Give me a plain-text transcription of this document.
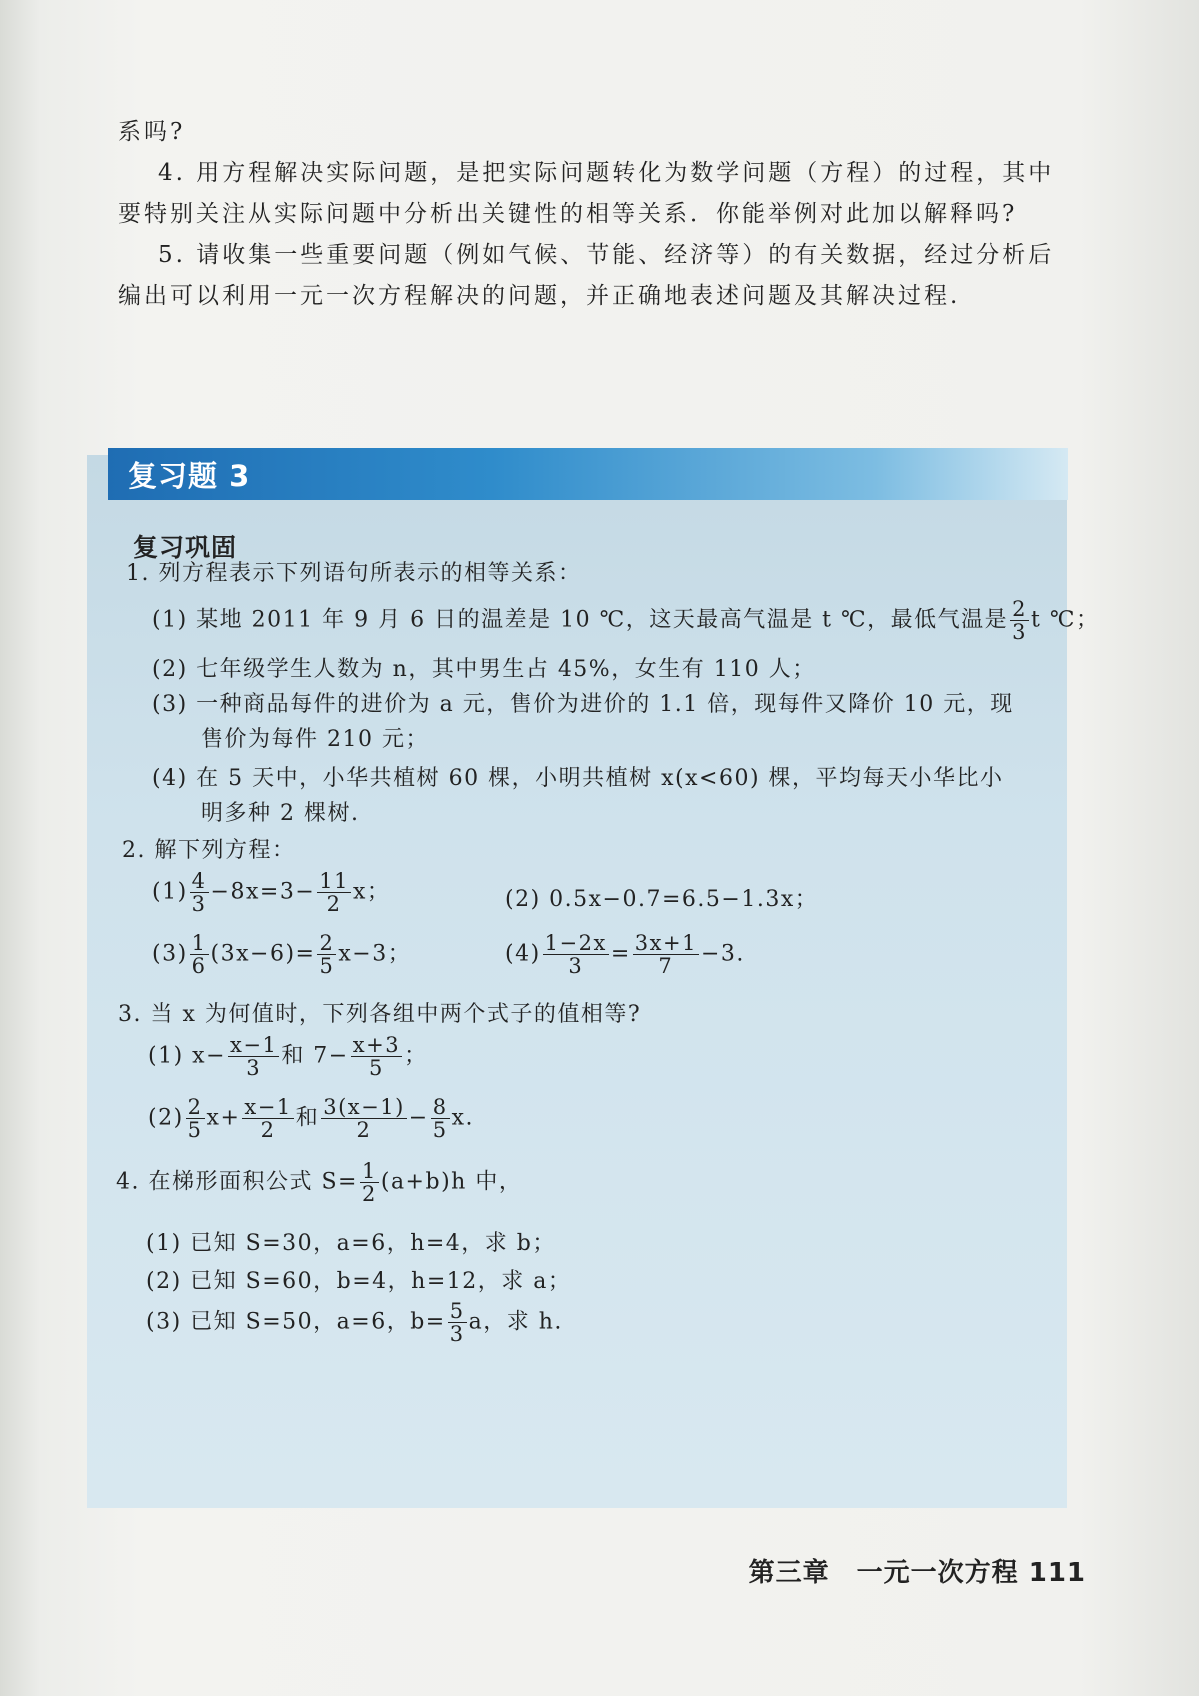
系吗?

4. 用方程解决实际问题，是把实际问题转化为数学问题（方程）的过程，其中要特别关注从实际问题中分析出关键性的相等关系．你能举例对此加以解释吗?

5. 请收集一些重要问题（例如气候、节能、经济等）的有关数据，经过分析后编出可以利用一元一次方程解决的问题，并正确地表述问题及其解决过程.

复习题 3
复习巩固
1. 列方程表示下列语句所表示的相等关系：
(1) 某地 2011 年 9 月 6 日的温差是 10 ℃，这天最高气温是 t ℃，最低气温是 $\frac{2}{3}$ t ℃；
(2) 七年级学生人数为 n，其中男生占 45%，女生有 110 人；
(3) 一种商品每件的进价为 a 元，售价为进价的 1.1 倍，现每件又降价 10 元，现
售价为每件 210 元；
(4) 在 5 天中，小华共植树 60 棵，小明共植树 x(x<60) 棵，平均每天小华比小
明多种 2 棵树.
2. 解下列方程：
$(1) \frac{4}{3} -8x=3- \frac{11}{2}$ x；	(2) 0.5x−0.7=6.5−1.3x；
$(3) \frac{1}{6} (3x-6)= \frac{2}{5} x-3$；	$(4) \frac{1-2x}{3} = \frac{3x+1}{7} -3$.
3. 当 x 为何值时，下列各组中两个式子的值相等?
(1) $x- \frac{x-1}{3}$ 和 $7- \frac{x+3}{5}$ ；
$(2) \frac{2}{5} x+ \frac{x-1}{2}$ 和 $\frac{3(x-1)}{2} - \frac{8}{5} x$.
4. 在梯形面积公式 $S= \frac{1}{2} (a+b)h$ 中，
(1) 已知 S=30，a=6，h=4，求 b；
(2) 已知 S=60，b=4，h=12，求 a；
(3) 已知 S=50，a=6，$b= \frac{5}{3}$ a，求 h.
第三章　一元一次方程 111
